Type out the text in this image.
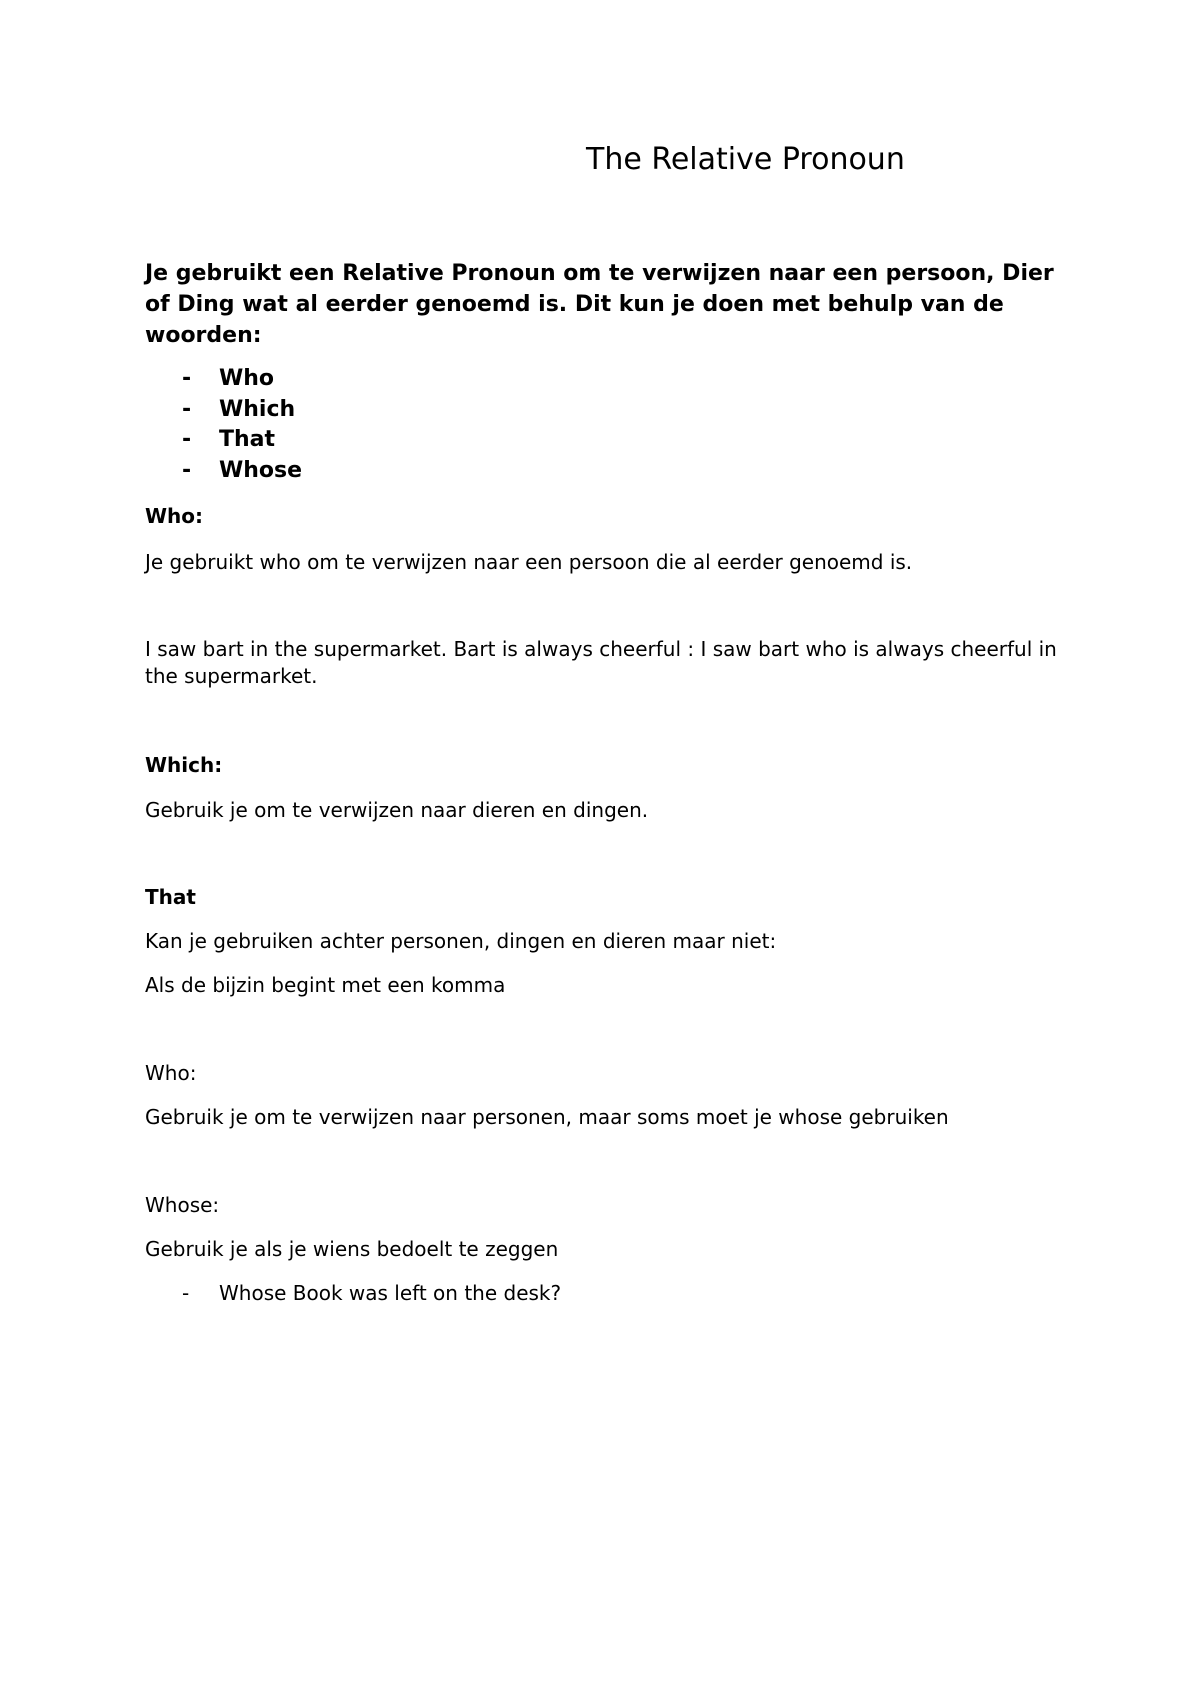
The Relative Pronoun

Je gebruikt een Relative Pronoun om te verwijzen naar een persoon, Dier of Ding wat al eerder genoemd is. Dit kun je doen met behulp van de woorden:

- Who
- Which
- That
- Whose

Who:

Je gebruikt who om te verwijzen naar een persoon die al eerder genoemd is.

I saw bart in the supermarket. Bart is always cheerful : I saw bart who is always cheerful in the supermarket.

Which:

Gebruik je om te verwijzen naar dieren en dingen.

That

Kan je gebruiken achter personen, dingen en dieren maar niet:

Als de bijzin begint met een komma

Who:

Gebruik je om te verwijzen naar personen, maar soms moet je whose gebruiken

Whose:

Gebruik je als je wiens bedoelt te zeggen

- Whose Book was left on the desk?
